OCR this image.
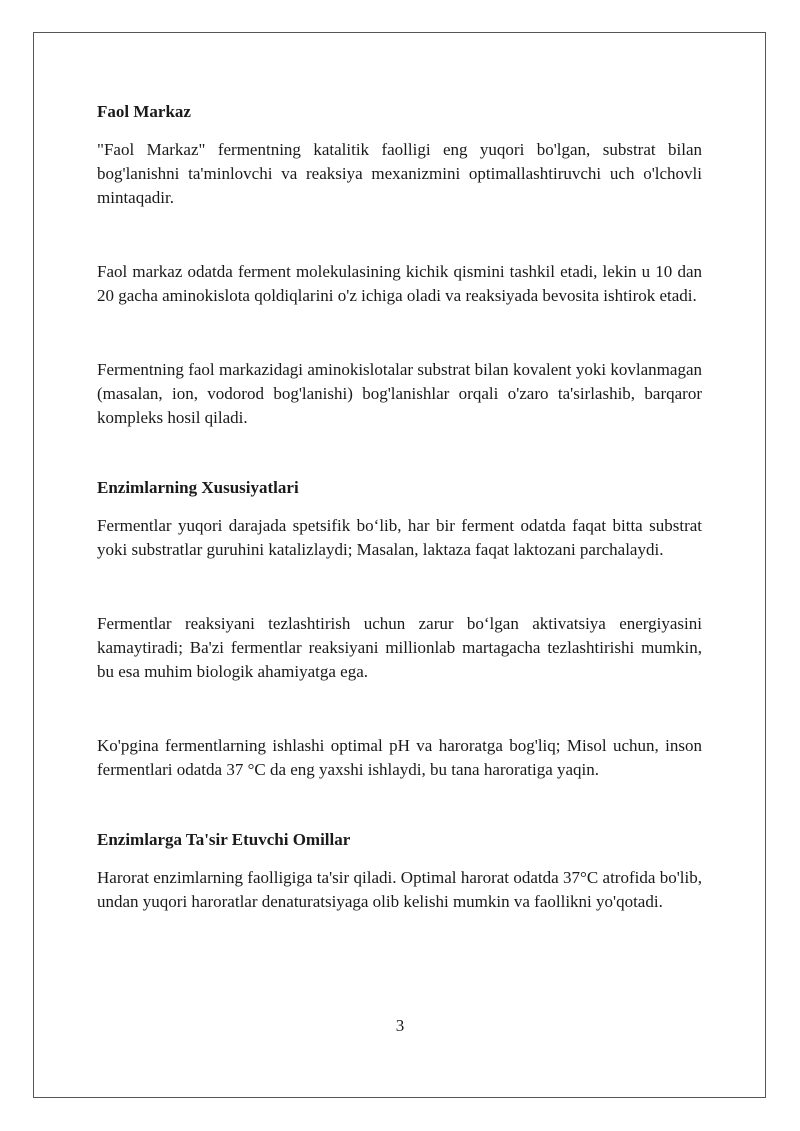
Faol Markaz

"Faol Markaz" fermentning katalitik faolligi eng yuqori bo'lgan, substrat bilan bog'lanishni ta'minlovchi va reaksiya mexanizmini optimallashtiruvchi uch o'lchovli mintaqadir.

Faol markaz odatda ferment molekulasining kichik qismini tashkil etadi, lekin u 10 dan 20 gacha aminokislota qoldiqlarini o'z ichiga oladi va reaksiyada bevosita ishtirok etadi.

Fermentning faol markazidagi aminokislotalar substrat bilan kovalent yoki kovlanmagan (masalan, ion, vodorod bog'lanishi) bog'lanishlar orqali o'zaro ta'sirlashib, barqaror kompleks hosil qiladi.

Enzimlarning Xususiyatlari

Fermentlar yuqori darajada spetsifik bo‘lib, har bir ferment odatda faqat bitta substrat yoki substratlar guruhini katalizlaydi; Masalan, laktaza faqat laktozani parchalaydi.

Fermentlar reaksiyani tezlashtirish uchun zarur bo‘lgan aktivatsiya energiyasini kamaytiradi; Ba'zi fermentlar reaksiyani millionlab martagacha tezlashtirishi mumkin, bu esa muhim biologik ahamiyatga ega.

Ko'pgina fermentlarning ishlashi optimal pH va haroratga bog'liq; Misol uchun, inson fermentlari odatda 37 °C da eng yaxshi ishlaydi, bu tana haroratiga yaqin.

Enzimlarga Ta'sir Etuvchi Omillar

Harorat enzimlarning faolligiga ta'sir qiladi. Optimal harorat odatda 37°C atrofida bo'lib, undan yuqori haroratlar denaturatsiyaga olib kelishi mumkin va faollikni yo'qotadi.

3
